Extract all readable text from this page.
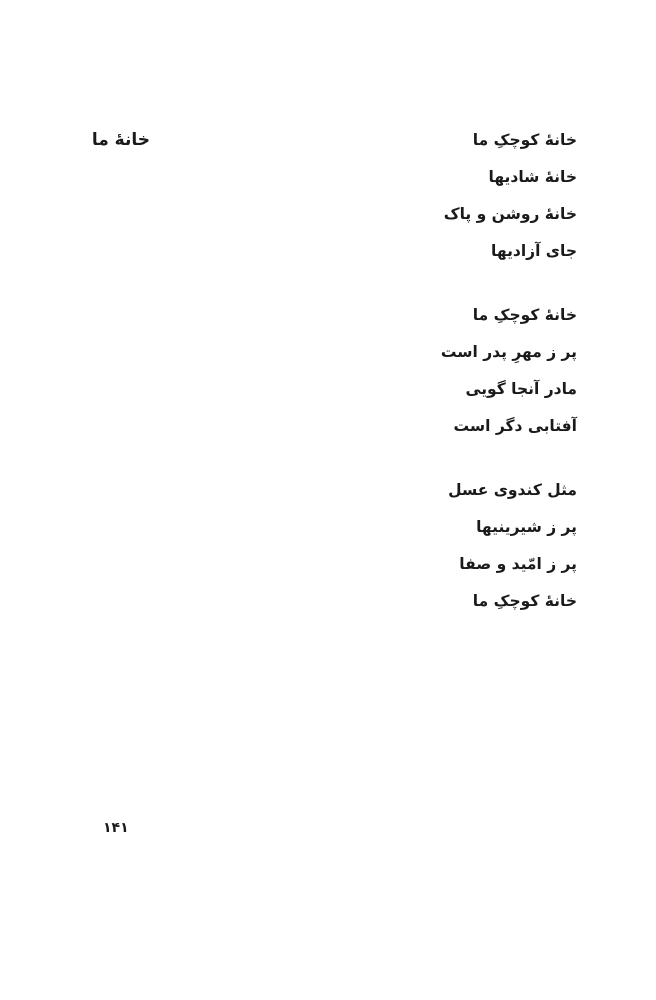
خانهٔ ما	خانهٔ کوچکِ ما
خانهٔ شادیها
خانهٔ روشن و پاک
جای آزادیها
خانهٔ کوچکِ ما
پر ز مهرِ پدر است
مادر آنجا گویی
آفتابی دگر است
مثل کندوی عسل
پر ز شیرینیها
پر ز امّید و صفا
خانهٔ کوچکِ ما
۱۴۱
